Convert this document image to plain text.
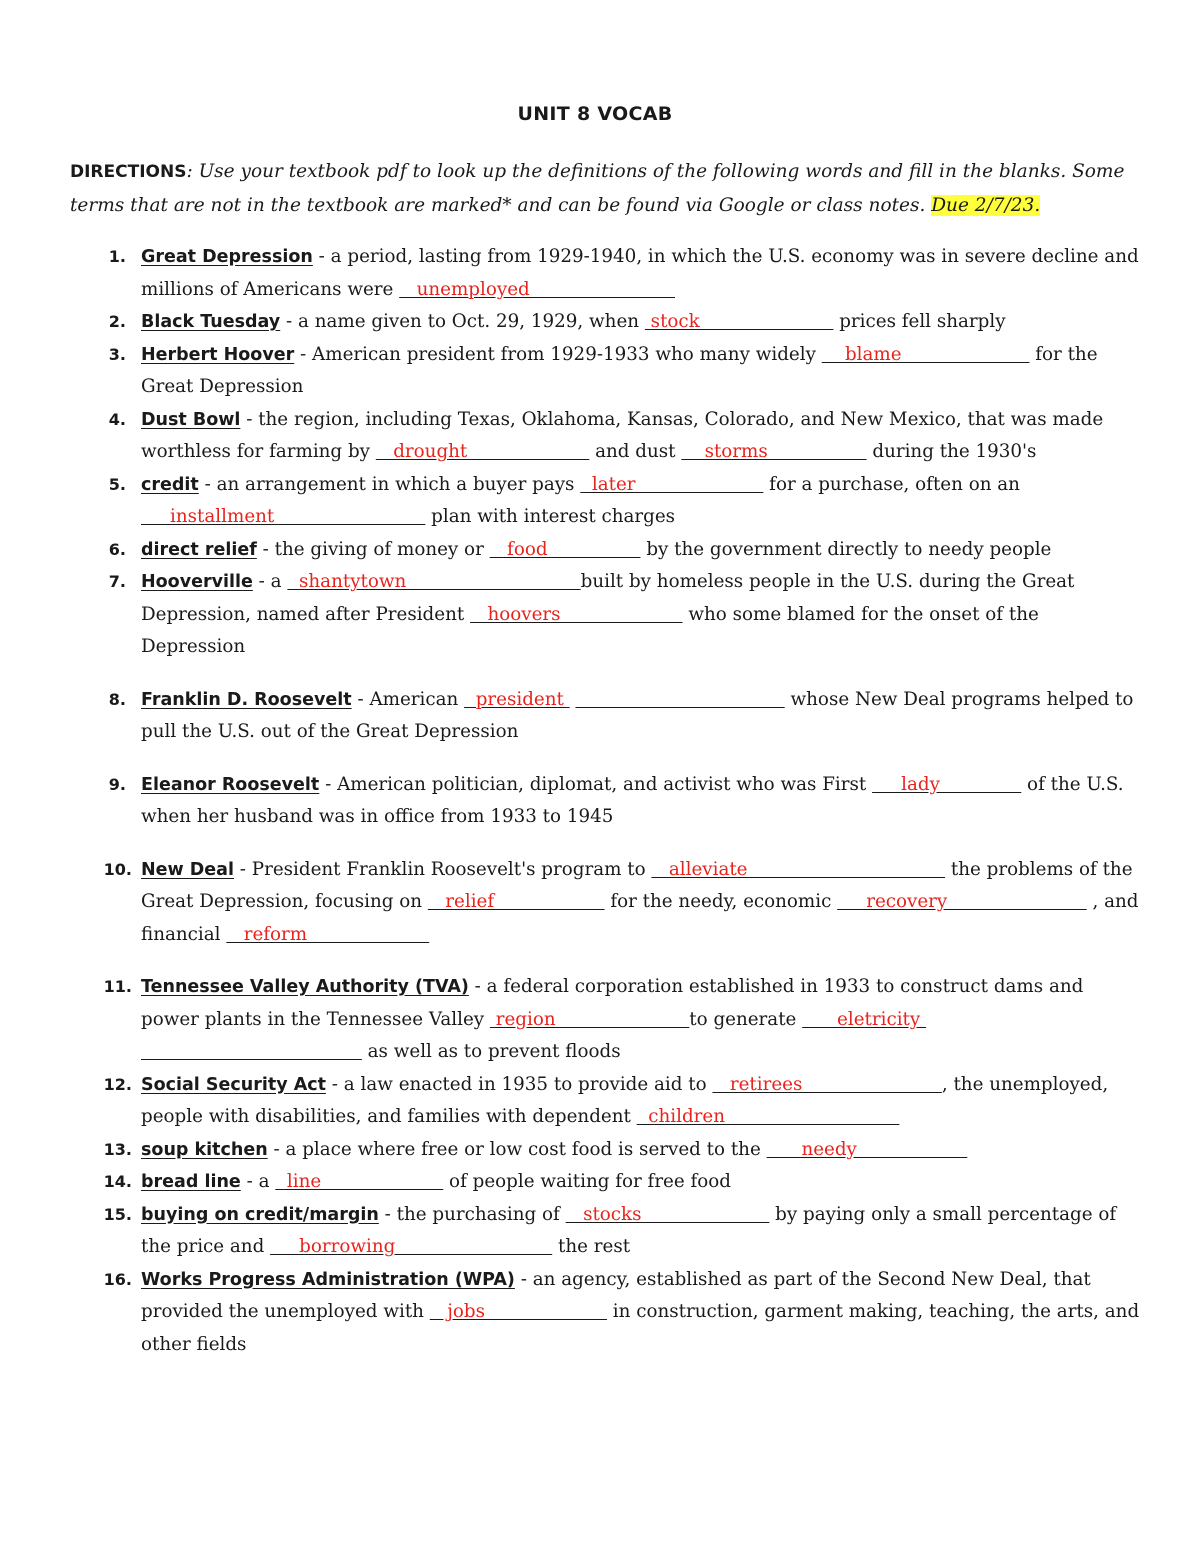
UNIT 8 VOCAB
DIRECTIONS: Use your textbook pdf to look up the definitions of the following words and fill in the blanks. Some terms that are not in the textbook are marked* and can be found via Google or class notes. Due 2/7/23.
1. Great Depression - a period, lasting from 1929-1940, in which the U.S. economy was in severe decline and millions of Americans were    unemployed
2. Black Tuesday - a name given to Oct. 29, 1929, when  stock                        prices fell sharply
3. Herbert Hoover - American president from 1929-1933 who many widely     blame                       for the Great Depression
4. Dust Bowl - the region, including Texas, Oklahoma, Kansas, Colorado, and New Mexico, that was made worthless for farming by    drought                      and dust     storms                  during the 1930's
5. credit - an arrangement in which a buyer pays   later                       for a purchase, often on an      installment                           plan with interest charges
6. direct relief - the giving of money or    food                 by the government directly to needy people
7. Hooverville - a   shantytown                              built by homeless people in the U.S. during the Great Depression, named after President    hoovers                      who some blamed for the onset of the Depression
8. Franklin D. Roosevelt - American   president	whose New Deal programs helped to pull the U.S. out of the Great Depression
9. Eleanor Roosevelt - American politician, diplomat, and activist who was First      lady               of the U.S. when her husband was in office from 1933 to 1945
10. New Deal - President Franklin Roosevelt's program to    alleviate                                   the problems of the Great Depression, focusing on    relief                    for the needy, economic      recovery                         , and financial    reform
11. Tennessee Valley Authority (TVA) - a federal corporation established in 1933 to construct dams and power plants in the Tennessee Valley  region                       to generate       eletricity                                         as well as to prevent floods
12. Social Security Act - a law enacted in 1935 to provide aid to    retirees                        , the unemployed, people with disabilities, and families with dependent   children
13. soup kitchen - a place where free or low cost food is served to the       needy
14. bread line - a   line                      of people waiting for free food
15. buying on credit/margin - the purchasing of    stocks                       by paying only a small percentage of the price and      borrowing                            the rest
16. Works Progress Administration (WPA) - an agency, established as part of the Second New Deal, that provided the unemployed with    jobs                      in construction, garment making, teaching, the arts, and other fields
